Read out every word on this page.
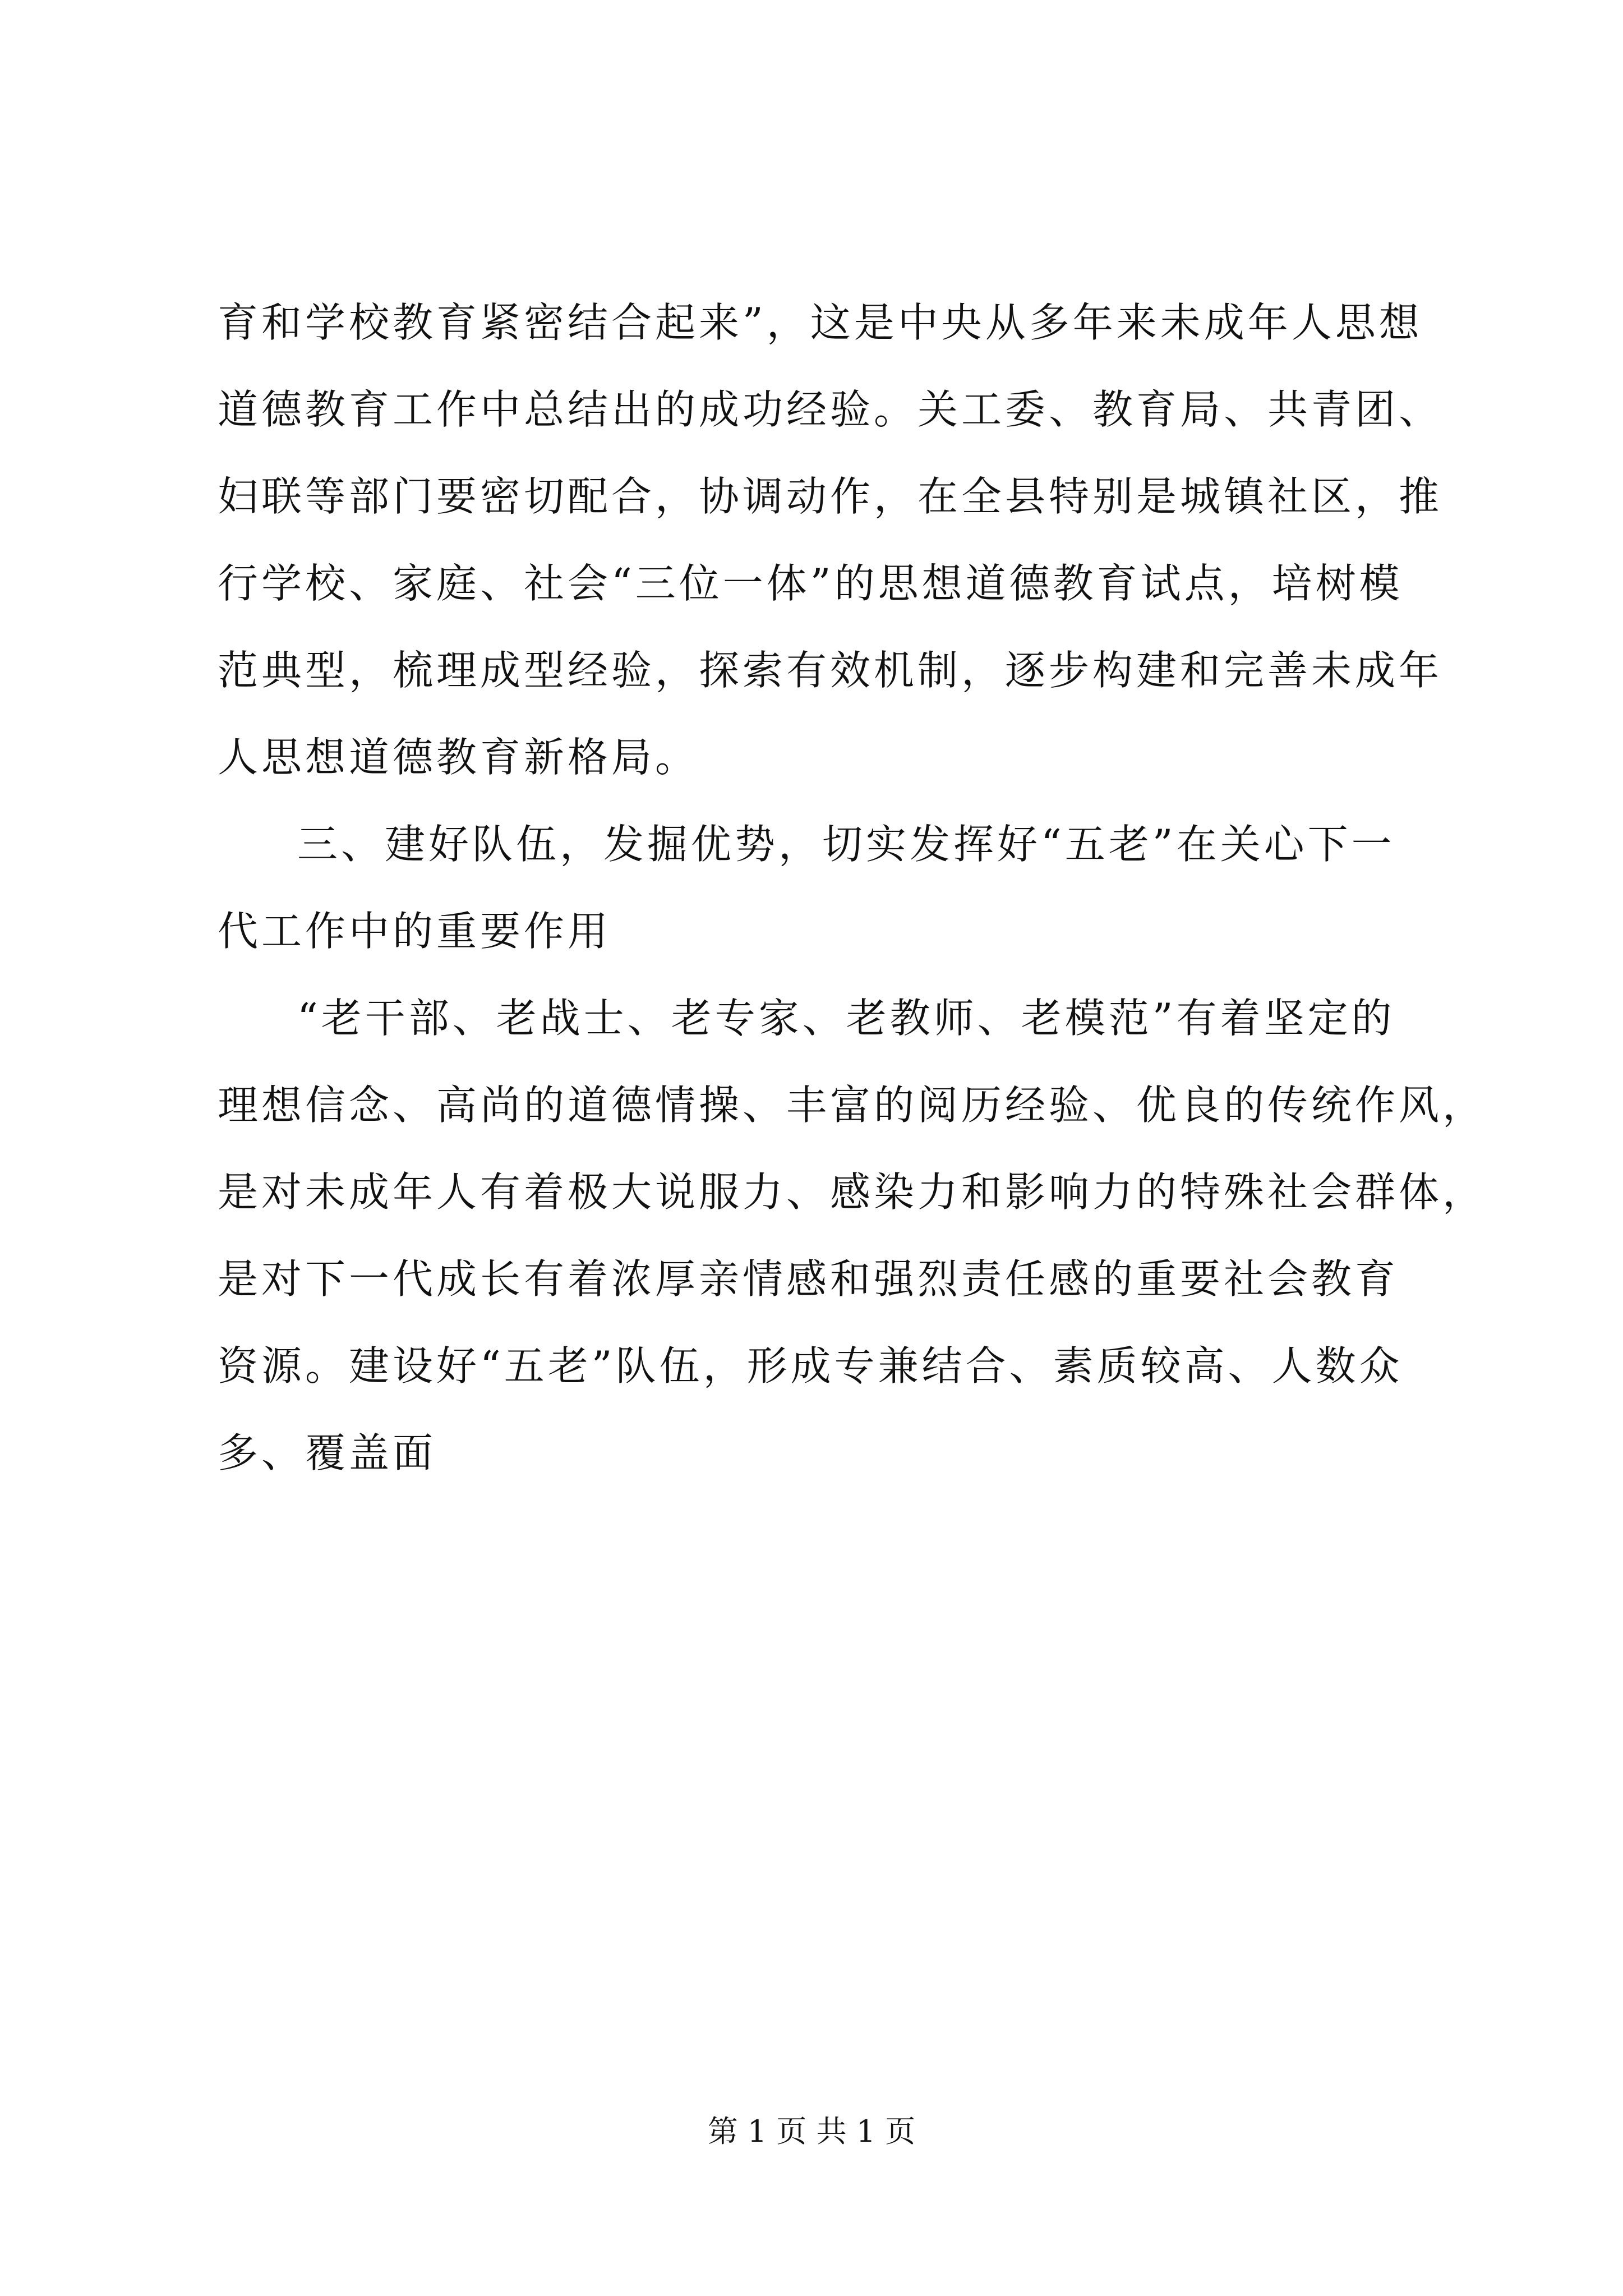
育和学校教育紧密结合起来”，这是中央从多年来未成年人思想
道德教育工作中总结出的成功经验。关工委、教育局、共青团、
妇联等部门要密切配合，协调动作，在全县特别是城镇社区，推
行学校、家庭、社会“三位一体”的思想道德教育试点，培树模
范典型，梳理成型经验，探索有效机制，逐步构建和完善未成年
人思想道德教育新格局。
三、建好队伍，发掘优势，切实发挥好“五老”在关心下一
代工作中的重要作用
“老干部、老战士、老专家、老教师、老模范”有着坚定的
理想信念、高尚的道德情操、丰富的阅历经验、优良的传统作风，
是对未成年人有着极大说服力、感染力和影响力的特殊社会群体，
是对下一代成长有着浓厚亲情感和强烈责任感的重要社会教育
资源。建设好“五老”队伍，形成专兼结合、素质较高、人数众
多、覆盖面
第 1 页 共 1 页
